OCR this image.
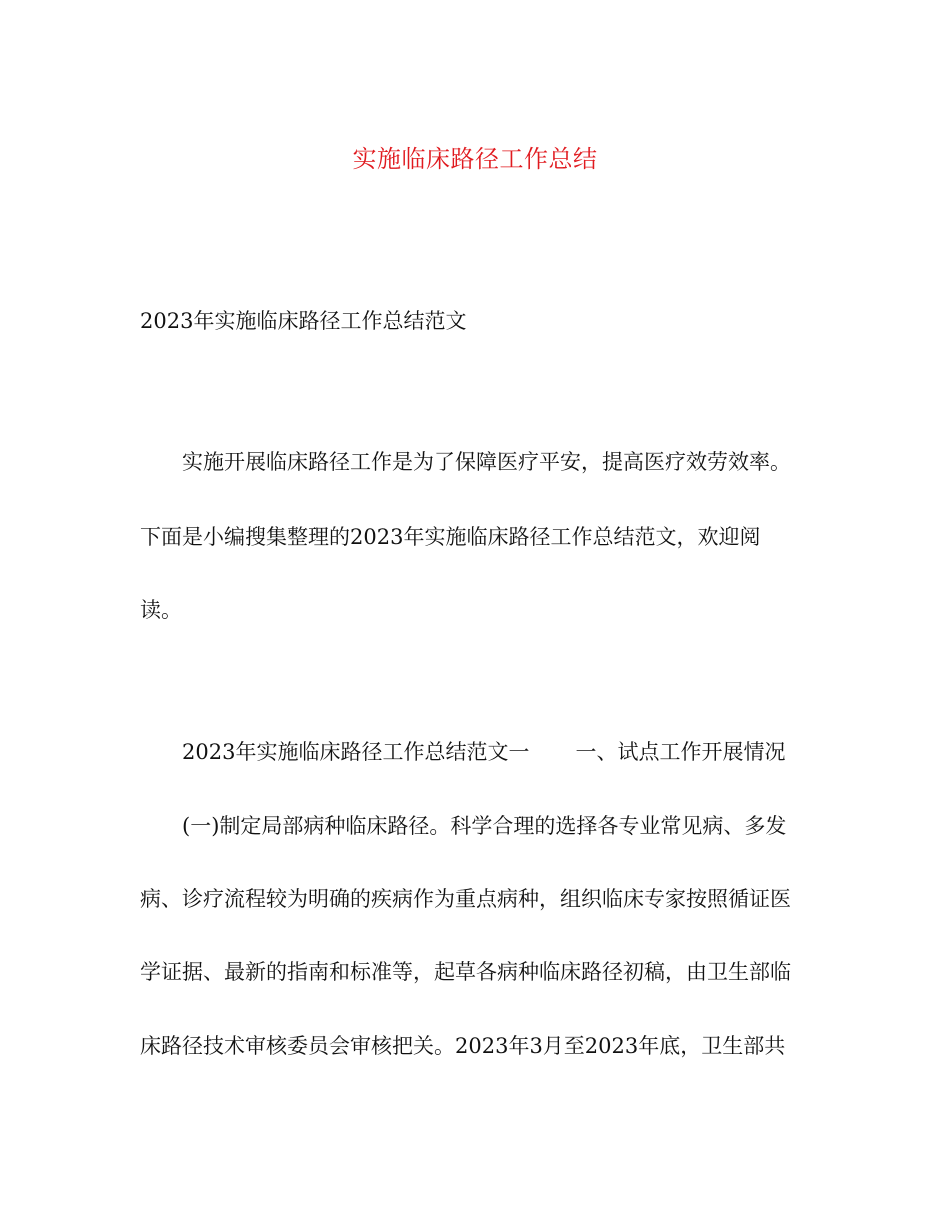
实施临床路径工作总结
2023年实施临床路径工作总结范文
实施开展临床路径工作是为了保障医疗平安，提高医疗效劳效率。
下面是小编搜集整理的2023年实施临床路径工作总结范文，欢迎阅
读。
2023年实施临床路径工作总结范文一 一、试点工作开展情况
(一)制定局部病种临床路径。科学合理的选择各专业常见病、多发
病、诊疗流程较为明确的疾病作为重点病种，组织临床专家按照循证医
学证据、最新的指南和标准等，起草各病种临床路径初稿，由卫生部临
床路径技术审核委员会审核把关。2023年3月至2023年底，卫生部共
